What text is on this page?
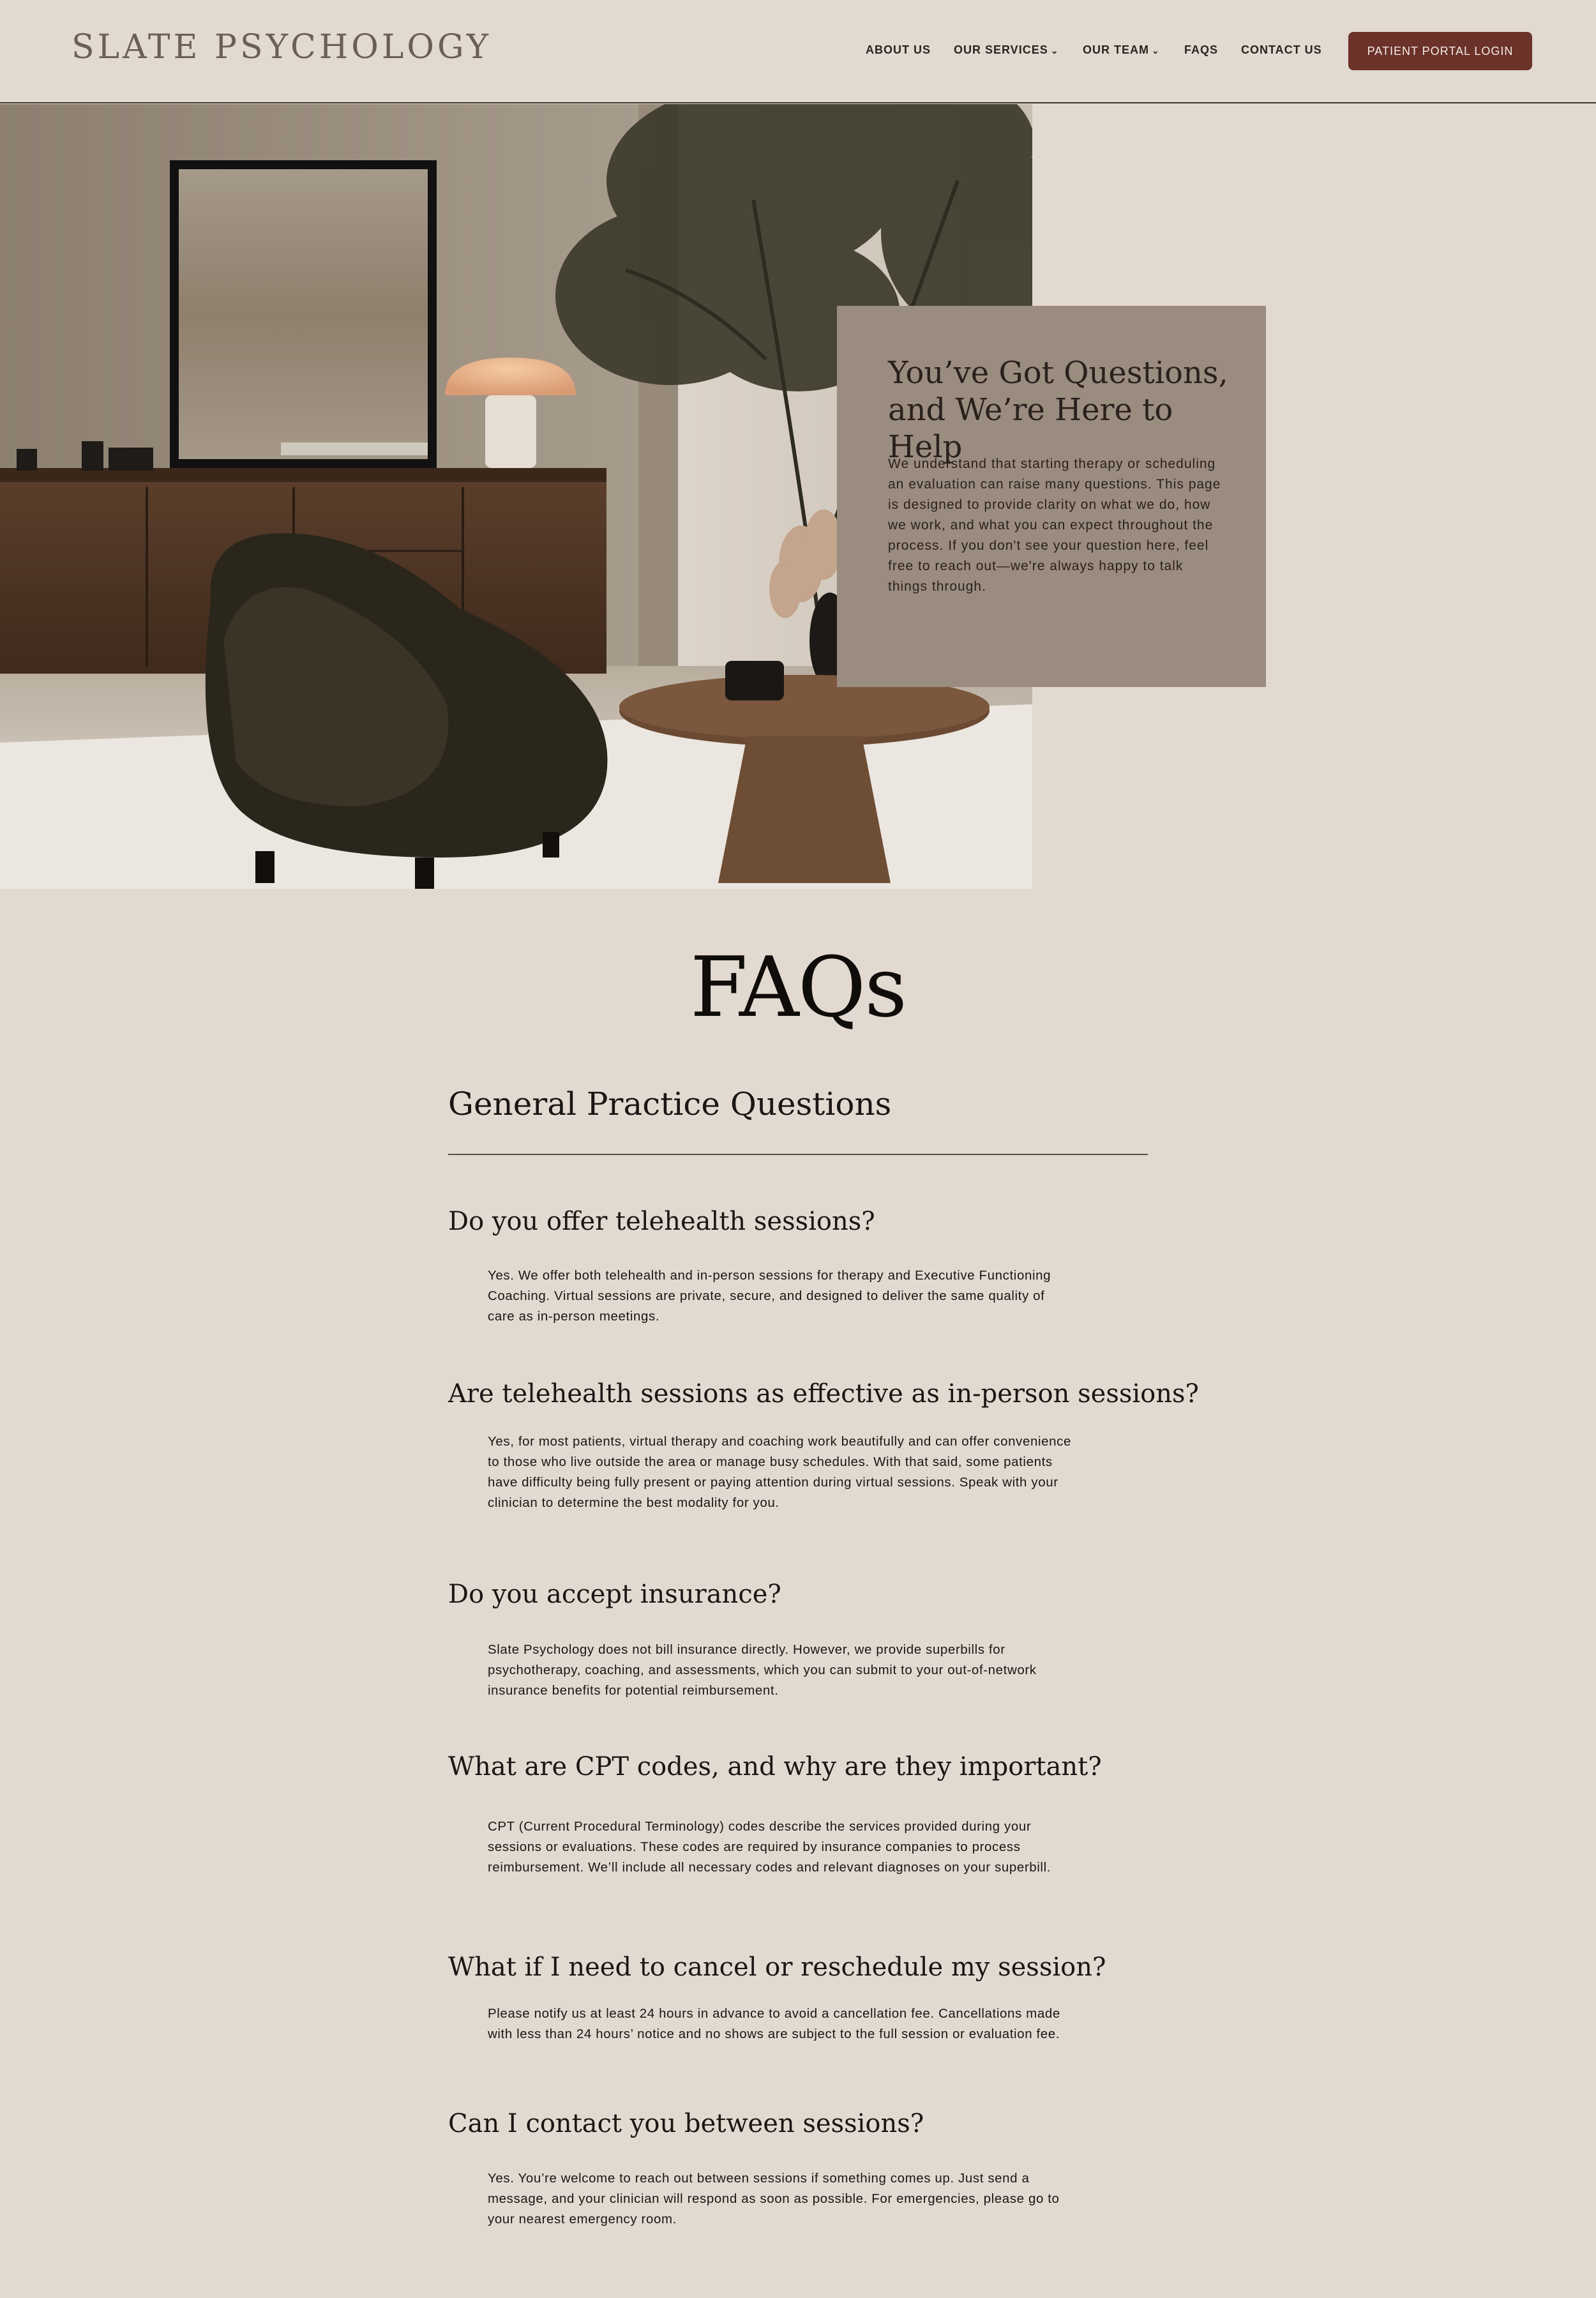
SLATE PSYCHOLOGY	ABOUT US OUR SERVICES ⌄ OUR TEAM ⌄ FAQS CONTACT US	PATIENT PORTAL LOGIN
You’ve Got Questions,
and We’re Here to Help
We understand that starting therapy or scheduling an evaluation can raise many questions. This page is designed to provide clarity on what we do, how we work, and what you can expect throughout the process. If you don't see your question here, feel free to reach out—we're always happy to talk things through.
FAQs
General Practice Questions
Do you offer telehealth sessions?
Yes. We offer both telehealth and in-person sessions for therapy and Executive Functioning Coaching. Virtual sessions are private, secure, and designed to deliver the same quality of care as in-person meetings.
Are telehealth sessions as effective as in-person sessions?
Yes, for most patients, virtual therapy and coaching work beautifully and can offer convenience to those who live outside the area or manage busy schedules. With that said, some patients have difficulty being fully present or paying attention during virtual sessions. Speak with your clinician to determine the best modality for you.
Do you accept insurance?
Slate Psychology does not bill insurance directly. However, we provide superbills for psychotherapy, coaching, and assessments, which you can submit to your out-of-network insurance benefits for potential reimbursement.
What are CPT codes, and why are they important?
CPT (Current Procedural Terminology) codes describe the services provided during your sessions or evaluations. These codes are required by insurance companies to process reimbursement. We’ll include all necessary codes and relevant diagnoses on your superbill.
What if I need to cancel or reschedule my session?
Please notify us at least 24 hours in advance to avoid a cancellation fee. Cancellations made with less than 24 hours’ notice and no shows are subject to the full session or evaluation fee.
Can I contact you between sessions?
Yes. You’re welcome to reach out between sessions if something comes up. Just send a message, and your clinician will respond as soon as possible. For emergencies, please go to your nearest emergency room.
